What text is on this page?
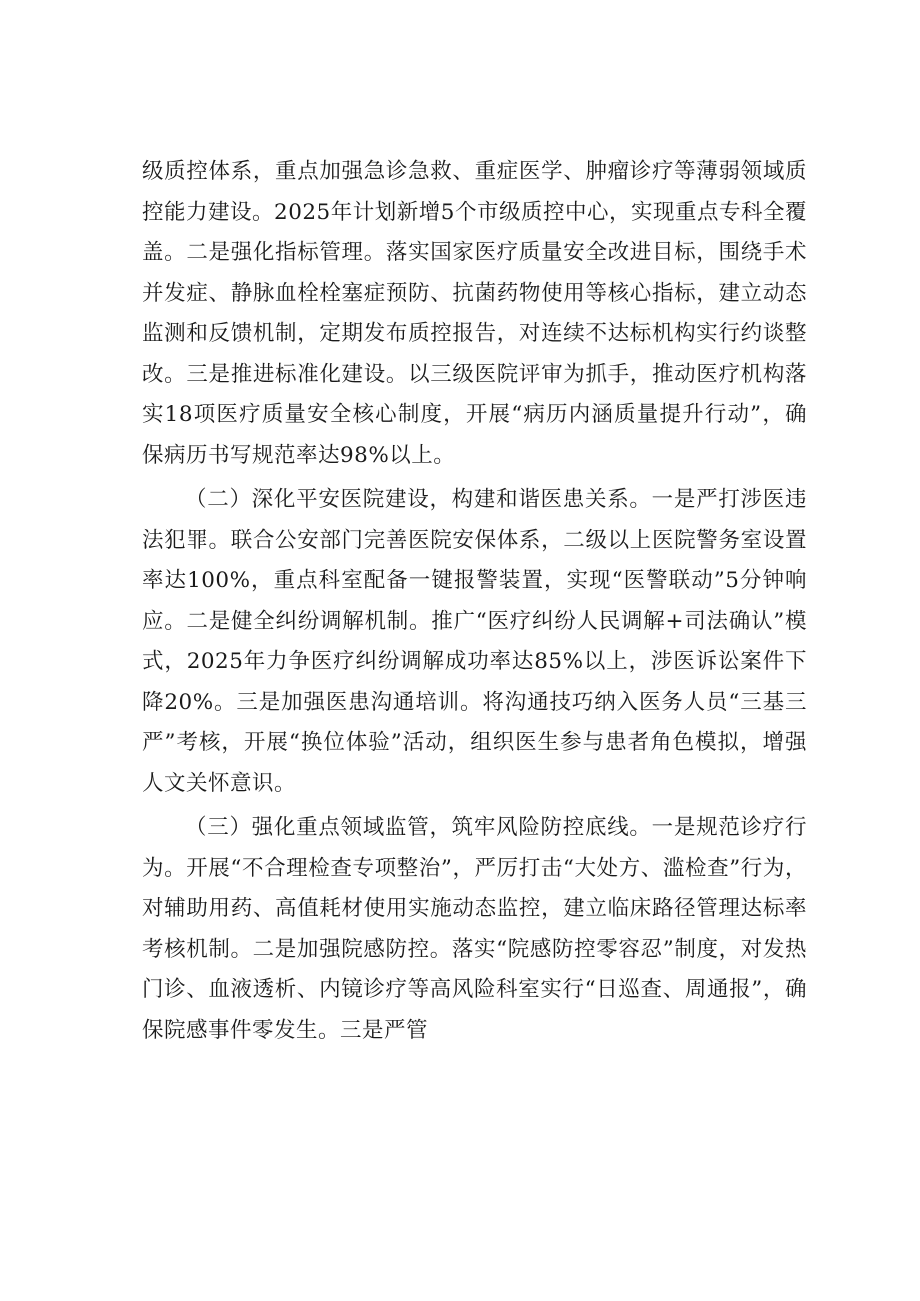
级质控体系，重点加强急诊急救、重症医学、肿瘤诊疗等薄弱领域质控能力建设。2025年计划新增5个市级质控中心，实现重点专科全覆盖。二是强化指标管理。落实国家医疗质量安全改进目标，围绕手术并发症、静脉血栓栓塞症预防、抗菌药物使用等核心指标，建立动态监测和反馈机制，定期发布质控报告，对连续不达标机构实行约谈整改。三是推进标准化建设。以三级医院评审为抓手，推动医疗机构落实18项医疗质量安全核心制度，开展“病历内涵质量提升行动”，确保病历书写规范率达98%以上。

（二）深化平安医院建设，构建和谐医患关系。一是严打涉医违法犯罪。联合公安部门完善医院安保体系，二级以上医院警务室设置率达100%，重点科室配备一键报警装置，实现“医警联动”5分钟响应。二是健全纠纷调解机制。推广“医疗纠纷人民调解+司法确认”模式，2025年力争医疗纠纷调解成功率达85%以上，涉医诉讼案件下降20%。三是加强医患沟通培训。将沟通技巧纳入医务人员“三基三严”考核，开展“换位体验”活动，组织医生参与患者角色模拟，增强人文关怀意识。

（三）强化重点领域监管，筑牢风险防控底线。一是规范诊疗行为。开展“不合理检查专项整治”，严厉打击“大处方、滥检查”行为，对辅助用药、高值耗材使用实施动态监控，建立临床路径管理达标率考核机制。二是加强院感防控。落实“院感防控零容忍”制度，对发热门诊、血液透析、内镜诊疗等高风险科室实行“日巡查、周通报”，确保院感事件零发生。三是严管
